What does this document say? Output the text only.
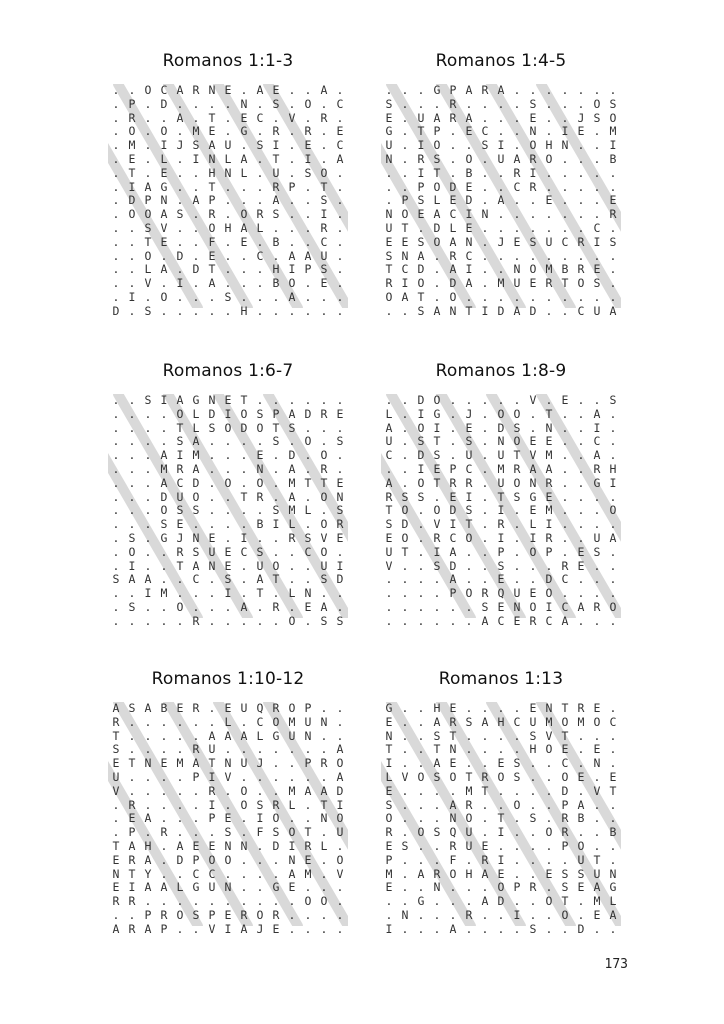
Romanos 1:1-3
. . O C A R N E . A E . . A .
. P . D . . . . N . S . O . C
. R . . A . T . E C . V . R .
. O . O . M E . G . R . R . E
. M . I J S A U . S I . E . C
. E . L . I N L A . T . I . A
. T . E . . H N L . U . S O .
. I A G . . T . . . R P . T .
. D P N . A P . . . A . . S .
. O O A S . R . O R S . . I .
. . S V . . O H A L . . . R .
. . T E . . F . E . B . . C .
. . O . D . E . . C . A A U .
. . L A . D T . . . H I P S .
. . V . I . A . . . B O . E .
. I . O . . . S . . . A . . .
D . S . . . . . H . . . . . .
Romanos 1:4-5
. . . G P A R A . . . . . . .
S . . . R . . . . S . . . O S
E . U A R A . . . E . . J S O
G . T P . E C . . N . I E . M
U . I O . . S I . O H N . . I
N . R S . O . U A R O . . . B
. . I T . B . . R I . . . . .
. . P O D E . . C R . . . . .
. P S L E D . A . . E . . . E
N O E A C I N . . . . . . . R
U T . D L E . . . . . . . C .
E E S O A N . J E S U C R I S
S N A . R C . . . . . . . . .
T C D . A I . . N O M B R E .
R I O . D A . M U E R T O S .
O A T . O . . . . . . . . . .
. . S A N T I D A D . . C U A
Romanos 1:6-7
. . S I A G N E T . . . . . .
. . . . O L D I O S P A D R E
. . . . T L S O D O T S . . .
. . . . S A . . . . S . O . S
. . . A I M . . . E . D . O .
. . . M R A . . . N . A . R .
. . . A C D . O . O . M T T E
. . . D U O . . T R . A . O N
. . . O S S . . . . S M L . S
. . . S E . . . . B I L . O R
. S . G J N E . I . . R S V E
. O . . R S U E C S . . C O .
. I . . T A N E . U O . . U I
S A A . . C . S . A T . . S D
. . I M . . . I . T . L N . .
. S . . O . . . A . R . E A .
. . . . . R . . . . . O . S S
Romanos 1:8-9
. . D O . . . . . V . E . . S
L . I G . J . O O . T . . A .
A . O I . E . D S . N . . I .
U . S T . S . N O E E . . C .
C . D S . U . U T V M . . A .
. . I E P C . M R A A . . R H
A . O T R R . U O N R . . G I
R S S . E I . T S G E . . . .
T O . O D S . I . E M . . . O
S D . V I T . R . L I . . . .
E O . R C O . I . I R . . U A
U T . I A . . P . O P . E S .
V . . S D . . S . . . R E . .
. . . . A . . E . . D C . . .
. . . . P O R Q U E O . . . .
. . . . . . S E N O I C A R O
. . . . . . A C E R C A . . .
Romanos 1:10-12
A S A B E R . E U Q R O P . .
R . . . . . . L . C O M U N .
T . . . . . A A A L G U N . .
S . . . . R U . . . . . . . A
E T N E M A T N U J . . P R O
U . . . . P I V . . . . . . A
V . . . . . R . O . . M A A D
. R . . . . I . O S R L . T I
. E A . . . P E . I O . . N O
. P . R . . . S . F S O T . U
T A H . A E E N N . D I R L .
E R A . D P O O . . . N E . O
N T Y . . C C . . . . A M . V
E I A A L G U N . . G E . . .
R R . . . . . . . . . . O O .
. . P R O S P E R O R . . . .
A R A P . . V I A J E . . . .
Romanos 1:13
G . . H E . . . . E N T R E .
E . . A R S A H C U M O M O C
N . . S T . . . . S V T . . .
T . . T N . . . . H O E . E .
I . . A E . . E S . . C . N .
L V O S O T R O S . . O E . E
E . . . . M T . . . . D . V T
S . . . A R . . O . . P A . .
O . . . N O . T . S . R B . .
R . O S Q U . I . . O R . . B
E S . . R U E . . . . P O . .
P . . . F . R I . . . . U T .
M . A R O H A E . . E S S U N
E . . N . . . O P R . S E A G
. . G . . . A D . . O T . M L
. N . . . R . . I . . O . E A
I . . . A . . . . S . . D . .
173
